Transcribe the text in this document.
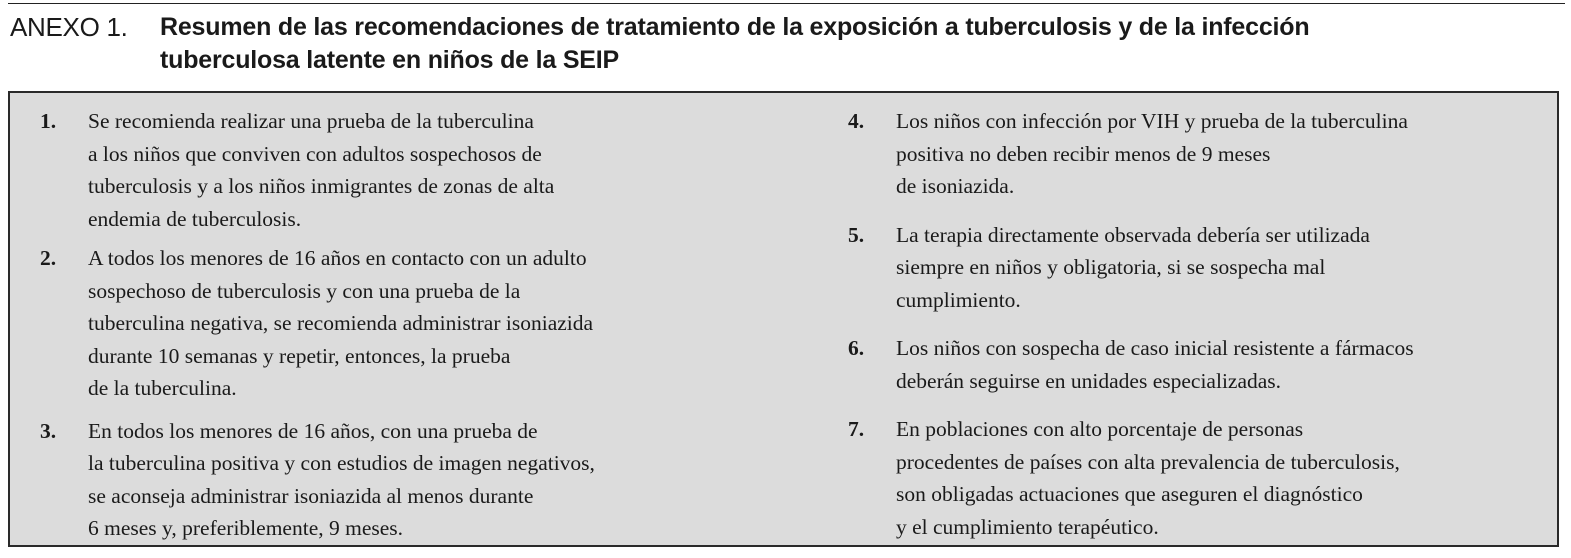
ANEXO 1.	Resumen de las recomendaciones de tratamiento de la exposición a tuberculosis y de la infección
tuberculosa latente en niños de la SEIP
1.	Se recomienda realizar una prueba de la tuberculina
a los niños que conviven con adultos sospechosos de
tuberculosis y a los niños inmigrantes de zonas de alta
endemia de tuberculosis.
2.	A todos los menores de 16 años en contacto con un adulto
sospechoso de tuberculosis y con una prueba de la
tuberculina negativa, se recomienda administrar isoniazida
durante 10 semanas y repetir, entonces, la prueba
de la tuberculina.
3.	En todos los menores de 16 años, con una prueba de
la tuberculina positiva y con estudios de imagen negativos,
se aconseja administrar isoniazida al menos durante
6 meses y, preferiblemente, 9 meses.
4.	Los niños con infección por VIH y prueba de la tuberculina
positiva no deben recibir menos de 9 meses
de isoniazida.
5.	La terapia directamente observada debería ser utilizada
siempre en niños y obligatoria, si se sospecha mal
cumplimiento.
6.	Los niños con sospecha de caso inicial resistente a fármacos
deberán seguirse en unidades especializadas.
7.	En poblaciones con alto porcentaje de personas
procedentes de países con alta prevalencia de tuberculosis,
son obligadas actuaciones que aseguren el diagnóstico
y el cumplimiento terapéutico.
